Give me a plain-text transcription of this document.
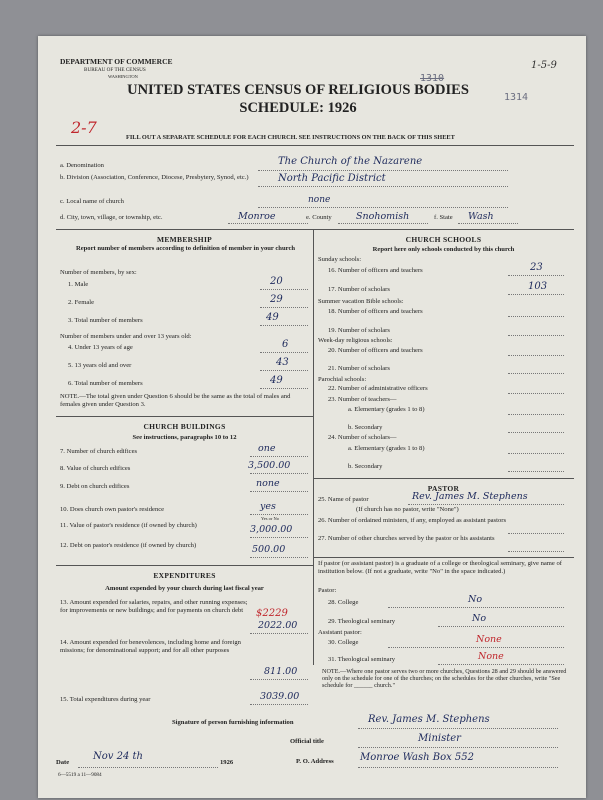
DEPARTMENT OF COMMERCE
BUREAU OF THE CENSUS
WASHINGTON
UNITED STATES CENSUS OF RELIGIOUS BODIES
SCHEDULE: 1926
1310
1314
1-5-9
2-7
FILL OUT A SEPARATE SCHEDULE FOR EACH CHURCH. SEE INSTRUCTIONS ON THE BACK OF THIS SHEET
a. Denomination	The Church of the Nazarene
b. Division (Association, Conference, Diocese, Presbytery, Synod, etc.)	North Pacific District
c. Local name of church	none
d. City, town, village, or township, etc.	Monroe	e. County	Snohomish	f. State Wash
MEMBERSHIP
Report number of members according to definition of member in your church
Number of members, by sex:
1. Male	20
2. Female	29
3. Total number of members	49
Number of members under and over 13 years old:
4. Under 13 years of age	6
5. 13 years old and over	43
6. Total number of members	49
NOTE.—The total given under Question 6 should be the same as the total of males and females given under Question 3.
CHURCH BUILDINGS
See instructions, paragraphs 10 to 12
7. Number of church edifices	one
8. Value of church edifices	3,500.00
9. Debt on church edifices	none
10. Does church own pastor's residence	yes
Yes or No
11. Value of pastor's residence (if owned by church)	3,000.00
12. Debt on pastor's residence (if owned by church)	500.00
EXPENDITURES
Amount expended by your church during last fiscal year
13. Amount expended for salaries, repairs, and other running expenses; for improvements or new buildings; and for payments on church debt	$2229
2022.00
14. Amount expended for benevolences, including home and foreign missions; for denominational support; and for all other purposes
811.00
15. Total expenditures during year	3039.00
CHURCH SCHOOLS
Report here only schools conducted by this church
Sunday schools:
16. Number of officers and teachers	23
17. Number of scholars	103
Summer vacation Bible schools:
18. Number of officers and teachers
19. Number of scholars
Week-day religious schools:
20. Number of officers and teachers
21. Number of scholars
Parochial schools:
22. Number of administrative officers
23. Number of teachers—
a. Elementary (grades 1 to 8)
b. Secondary
24. Number of scholars—
a. Elementary (grades 1 to 8)
b. Secondary
PASTOR
25. Name of pastor	Rev. James M. Stephens
(If church has no pastor, write "None")
26. Number of ordained ministers, if any, employed as assistant pastors
27. Number of other churches served by the pastor or his assistants
If pastor (or assistant pastor) is a graduate of a college or theological seminary, give name of institution below. (If not a graduate, write "No" in the space indicated.)
Pastor:
28. College	No
29. Theological seminary	No
Assistant pastor:
30. College	None
31. Theological seminary	None
NOTE.—Where one pastor serves two or more churches, Questions 28 and 29 should be answered only on the schedule for one of the churches; on the schedules for the other churches, write "See schedule for ______ church."
Signature of person furnishing information	Rev. James M. Stephens
Official title	Minister
Date
Nov 24 th
1926	P. O. Address	Monroe Wash Box 552
6—5519 a 11—9084
